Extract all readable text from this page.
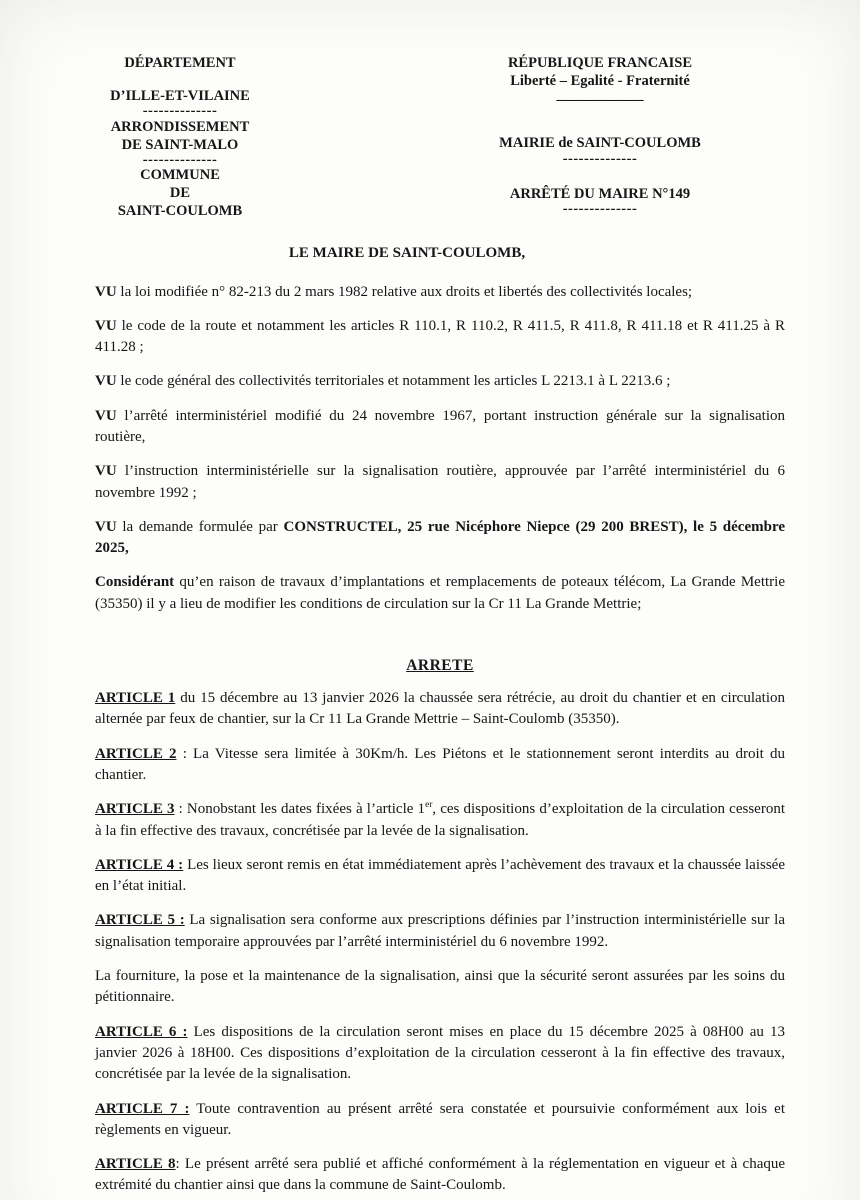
DÉPARTEMENT
D’ILLE-ET-VILAINE
--------------
ARRONDISSEMENT
DE SAINT-MALO
--------------
COMMUNE
DE
SAINT-COULOMB
RÉPUBLIQUE FRANCAISE
Liberté – Egalité - Fraternité
____________
MAIRIE de SAINT-COULOMB
--------------
ARRÊTÉ DU MAIRE N°149
--------------
LE MAIRE DE SAINT-COULOMB,

VU la loi modifiée n° 82-213 du 2 mars 1982 relative aux droits et libertés des collectivités locales;

VU le code de la route et notamment les articles R 110.1, R 110.2, R 411.5, R 411.8, R 411.18 et R 411.25 à R 411.28 ;

VU le code général des collectivités territoriales et notamment les articles L 2213.1 à L 2213.6 ;

VU l’arrêté interministériel modifié du 24 novembre 1967, portant instruction générale sur la signalisation routière,

VU l’instruction interministérielle sur la signalisation routière, approuvée par l’arrêté interministériel du 6 novembre 1992 ;

VU la demande formulée par CONSTRUCTEL, 25 rue Nicéphore Niepce (29 200 BREST), le 5 décembre 2025,

Considérant qu’en raison de travaux d’implantations et remplacements de poteaux télécom, La Grande Mettrie (35350) il y a lieu de modifier les conditions de circulation sur la Cr 11 La Grande Mettrie;

ARRETE

ARTICLE 1 du 15 décembre au 13 janvier 2026 la chaussée sera rétrécie, au droit du chantier et en circulation alternée par feux de chantier, sur la Cr 11 La Grande Mettrie – Saint-Coulomb (35350).

ARTICLE 2 : La Vitesse sera limitée à 30Km/h. Les Piétons et le stationnement seront interdits au droit du chantier.

ARTICLE 3 : Nonobstant les dates fixées à l’article 1er, ces dispositions d’exploitation de la circulation cesseront à la fin effective des travaux, concrétisée par la levée de la signalisation.

ARTICLE 4 : Les lieux seront remis en état immédiatement après l’achèvement des travaux et la chaussée laissée en l’état initial.

ARTICLE 5 : La signalisation sera conforme aux prescriptions définies par l’instruction interministérielle sur la signalisation temporaire approuvées par l’arrêté interministériel du 6 novembre 1992.

La fourniture, la pose et la maintenance de la signalisation, ainsi que la sécurité seront assurées par les soins du pétitionnaire.

ARTICLE 6 : Les dispositions de la circulation seront mises en place du 15 décembre 2025 à 08H00 au 13 janvier 2026 à 18H00. Ces dispositions d’exploitation de la circulation cesseront à la fin effective des travaux, concrétisée par la levée de la signalisation.

ARTICLE 7 : Toute contravention au présent arrêté sera constatée et poursuivie conformément aux lois et règlements en vigueur.

ARTICLE 8: Le présent arrêté sera publié et affiché conformément à la réglementation en vigueur et à chaque extrémité du chantier ainsi que dans la commune de Saint-Coulomb.
